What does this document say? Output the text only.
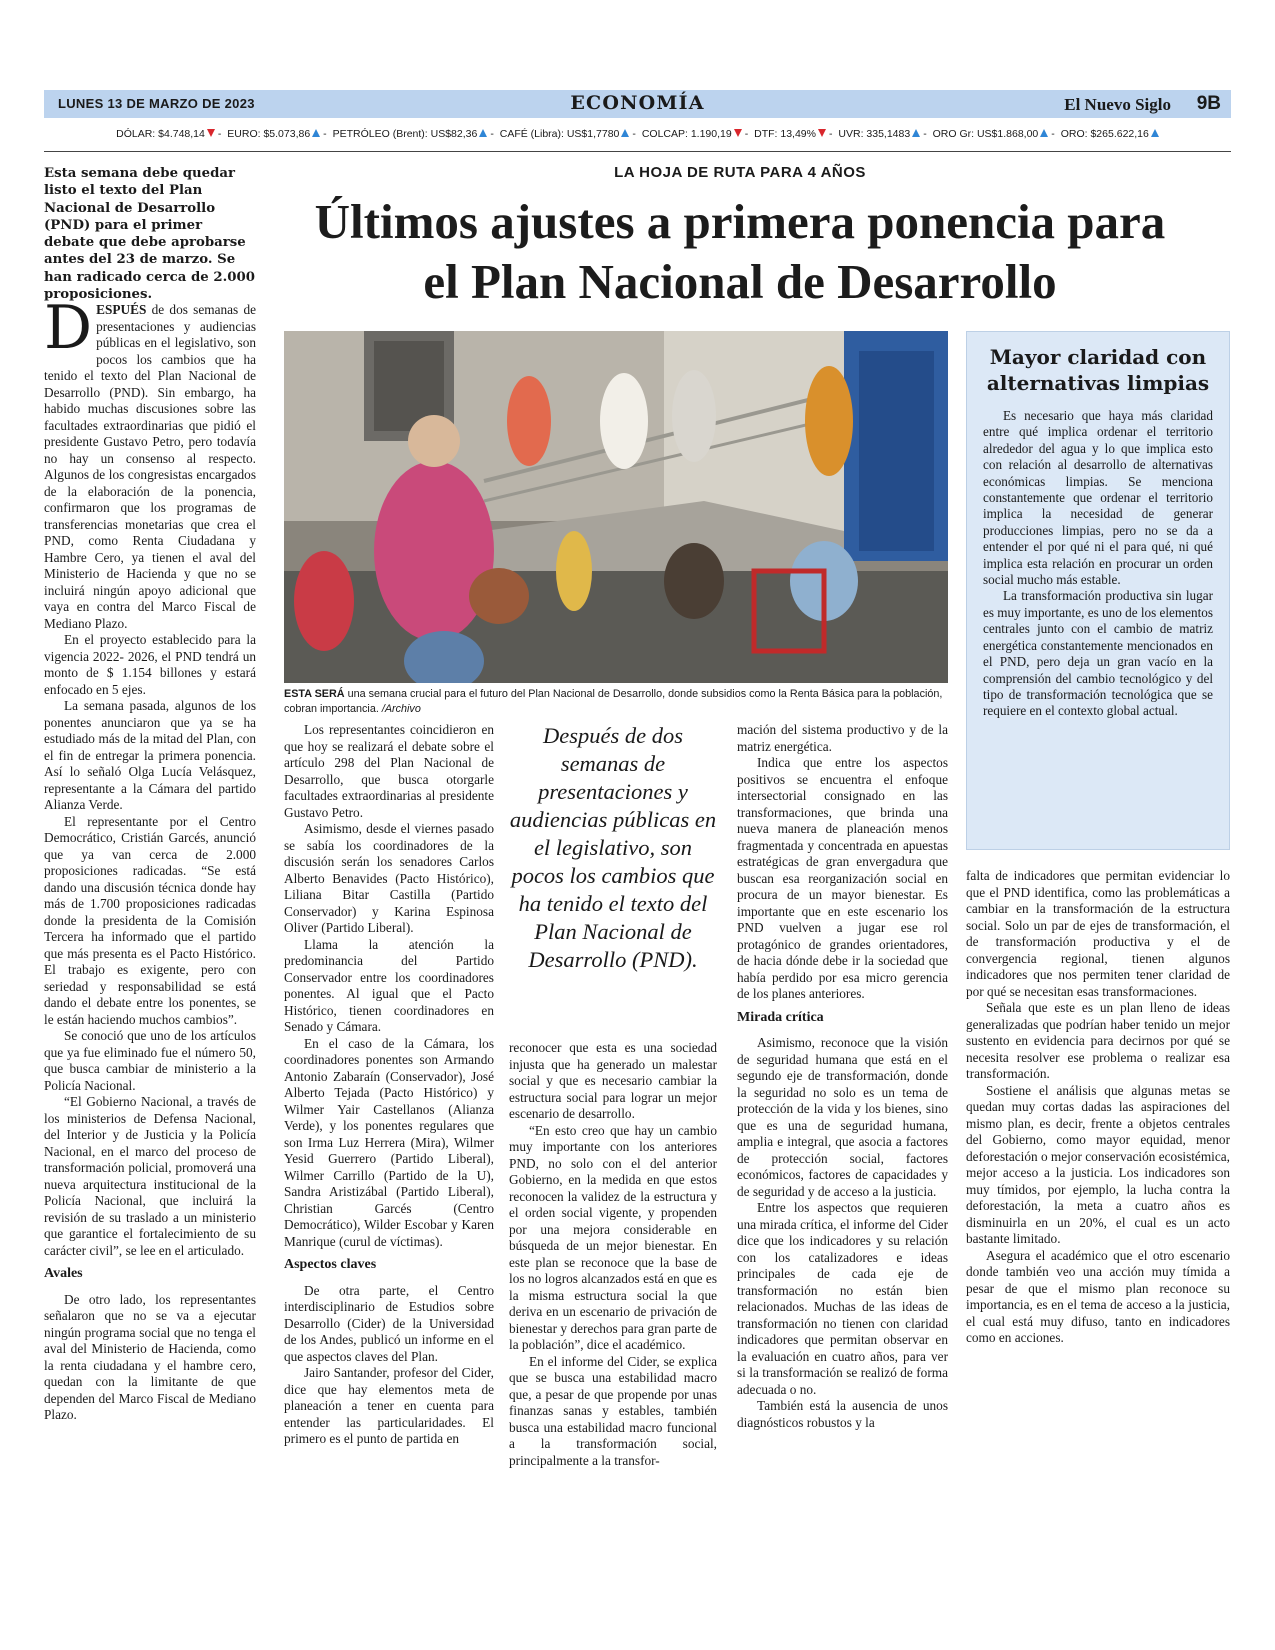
LUNES 13 DE MARZO DE 2023	ECONOMÍA	El Nuevo Siglo 9B
DÓLAR: $4.748,14 - EURO: $5.073,86 - PETRÓLEO (Brent): US$82,36 - CAFÉ (Libra): US$1,7780 - COLCAP: 1.190,19 - DTF: 13,49% - UVR: 335,1483 - ORO Gr: US$1.868,00 - ORO: $265.622,16
Esta semana debe quedar listo el texto del Plan Nacional de Desarrollo (PND) para el primer debate que debe aprobarse antes del 23 de marzo. Se han radicado cerca de 2.000 proposiciones.
LA HOJA DE RUTA PARA 4 AÑOS
Últimos ajustes a primera ponencia para el Plan Nacional de Desarrollo
ESTA SERÁ una semana crucial para el futuro del Plan Nacional de Desarrollo, donde subsidios como la Renta Básica para la población, cobran importancia. /Archivo
Mayor claridad con alternativas limpias

Es necesario que haya más claridad entre qué implica ordenar el territorio alrededor del agua y lo que implica esto con relación al desarrollo de alternativas económicas limpias. Se menciona constantemente que ordenar el territorio implica la necesidad de generar producciones limpias, pero no se da a entender el por qué ni el para qué, ni qué implica esta relación en procurar un orden social mucho más estable.

La transformación productiva sin lugar es muy importante, es uno de los elementos centrales junto con el cambio de matriz energética constantemente mencionados en el PND, pero deja un gran vacío en la comprensión del cambio tecnológico y del tipo de transformación tecnológica que se requiere en el contexto global actual.

DESPUÉS de dos semanas de presentaciones y audiencias públicas en el legislativo, son pocos los cambios que ha tenido el texto del Plan Nacional de Desarrollo (PND). Sin embargo, ha habido muchas discusiones sobre las facultades extraordinarias que pidió el presidente Gustavo Petro, pero todavía no hay un consenso al respecto. Algunos de los congresistas encargados de la elaboración de la ponencia, confirmaron que los programas de transferencias monetarias que crea el PND, como Renta Ciudadana y Hambre Cero, ya tienen el aval del Ministerio de Hacienda y que no se incluirá ningún apoyo adicional que vaya en contra del Marco Fiscal de Mediano Plazo.

En el proyecto establecido para la vigencia 2022- 2026, el PND tendrá un monto de $ 1.154 billones y estará enfocado en 5 ejes.

La semana pasada, algunos de los ponentes anunciaron que ya se ha estudiado más de la mitad del Plan, con el fin de entregar la primera ponencia. Así lo señaló Olga Lucía Velásquez, representante a la Cámara del partido Alianza Verde.

El representante por el Centro Democrático, Cristián Garcés, anunció que ya van cerca de 2.000 proposiciones radicadas. “Se está dando una discusión técnica donde hay más de 1.700 proposiciones radicadas donde la presidenta de la Comisión Tercera ha informado que el partido que más presenta es el Pacto Histórico. El trabajo es exigente, pero con seriedad y responsabilidad se está dando el debate entre los ponentes, se le están haciendo muchos cambios”.

Se conoció que uno de los artículos que ya fue eliminado fue el número 50, que busca cambiar de ministerio a la Policía Nacional.

“El Gobierno Nacional, a través de los ministerios de Defensa Nacional, del Interior y de Justicia y la Policía Nacional, en el marco del proceso de transformación policial, promoverá una nueva arquitectura institucional de la Policía Nacional, que incluirá la revisión de su traslado a un ministerio que garantice el fortalecimiento de su carácter civil”, se lee en el articulado.

Avales

De otro lado, los representantes señalaron que no se va a ejecutar ningún programa social que no tenga el aval del Ministerio de Hacienda, como la renta ciudadana y el hambre cero, quedan con la limitante de que dependen del Marco Fiscal de Mediano Plazo.

Los representantes coincidieron en que hoy se realizará el debate sobre el artículo 298 del Plan Nacional de Desarrollo, que busca otorgarle facultades extraordinarias al presidente Gustavo Petro.

Asimismo, desde el viernes pasado se sabía los coordinadores de la discusión serán los senadores Carlos Alberto Benavides (Pacto Histórico), Liliana Bitar Castilla (Partido Conservador) y Karina Espinosa Oliver (Partido Liberal).

Llama la atención la predominancia del Partido Conservador entre los coordinadores ponentes. Al igual que el Pacto Histórico, tienen coordinadores en Senado y Cámara.

En el caso de la Cámara, los coordinadores ponentes son Armando Antonio Zabaraín (Conservador), José Alberto Tejada (Pacto Histórico) y Wilmer Yair Castellanos (Alianza Verde), y los ponentes regulares que son Irma Luz Herrera (Mira), Wilmer Yesid Guerrero (Partido Liberal), Wilmer Carrillo (Partido de la U), Sandra Aristizábal (Partido Liberal), Christian Garcés (Centro Democrático), Wilder Escobar y Karen Manrique (curul de víctimas).

Aspectos claves

De otra parte, el Centro interdisciplinario de Estudios sobre Desarrollo (Cider) de la Universidad de los Andes, publicó un informe en el que aspectos claves del Plan.

Jairo Santander, profesor del Cider, dice que hay elementos meta de planeación a tener en cuenta para entender las particularidades. El primero es el punto de partida en

Después de dos semanas de presentaciones y audiencias públicas en el legislativo, son pocos los cambios que ha tenido el texto del Plan Nacional de Desarrollo (PND).

reconocer que esta es una sociedad injusta que ha generado un malestar social y que es necesario cambiar la estructura social para lograr un mejor escenario de desarrollo.

“En esto creo que hay un cambio muy importante con los anteriores PND, no solo con el del anterior Gobierno, en la medida en que estos reconocen la validez de la estructura y el orden social vigente, y propenden por una mejora considerable en búsqueda de un mejor bienestar. En este plan se reconoce que la base de los no logros alcanzados está en que es la misma estructura social la que deriva en un escenario de privación de bienestar y derechos para gran parte de la población”, dice el académico.

En el informe del Cider, se explica que se busca una estabilidad macro que, a pesar de que propende por unas finanzas sanas y estables, también busca una estabilidad macro funcional a la transformación social, principalmente a la transfor-

mación del sistema productivo y de la matriz energética.

Indica que entre los aspectos positivos se encuentra el enfoque intersectorial consignado en las transformaciones, que brinda una nueva manera de planeación menos fragmentada y concentrada en apuestas estratégicas de gran envergadura que buscan esa reorganización social en procura de un mayor bienestar. Es importante que en este escenario los PND vuelven a jugar ese rol protagónico de grandes orientadores, de hacia dónde debe ir la sociedad que había perdido por esa micro gerencia de los planes anteriores.

Mirada crítica

Asimismo, reconoce que la visión de seguridad humana que está en el segundo eje de transformación, donde la seguridad no solo es un tema de protección de la vida y los bienes, sino que es una de seguridad humana, amplia e integral, que asocia a factores de protección social, factores económicos, factores de capacidades y de seguridad y de acceso a la justicia.

Entre los aspectos que requieren una mirada crítica, el informe del Cider dice que los indicadores y su relación con los catalizadores e ideas principales de cada eje de transformación no están bien relacionados. Muchas de las ideas de transformación no tienen con claridad indicadores que permitan observar en la evaluación en cuatro años, para ver si la transformación se realizó de forma adecuada o no.

También está la ausencia de unos diagnósticos robustos y la

falta de indicadores que permitan evidenciar lo que el PND identifica, como las problemáticas a cambiar en la transformación de la estructura social. Solo un par de ejes de transformación, el de transformación productiva y el de convergencia regional, tienen algunos indicadores que nos permiten tener claridad de por qué se necesitan esas transformaciones.

Señala que este es un plan lleno de ideas generalizadas que podrían haber tenido un mejor sustento en evidencia para decirnos por qué se necesita resolver ese problema o realizar esa transformación.

Sostiene el análisis que algunas metas se quedan muy cortas dadas las aspiraciones del mismo plan, es decir, frente a objetos centrales del Gobierno, como mayor equidad, menor deforestación o mejor conservación ecosistémica, mejor acceso a la justicia. Los indicadores son muy tímidos, por ejemplo, la lucha contra la deforestación, la meta a cuatro años es disminuirla en un 20%, el cual es un acto bastante limitado.

Asegura el académico que el otro escenario donde también veo una acción muy tímida a pesar de que el mismo plan reconoce su importancia, es en el tema de acceso a la justicia, el cual está muy difuso, tanto en indicadores como en acciones.
